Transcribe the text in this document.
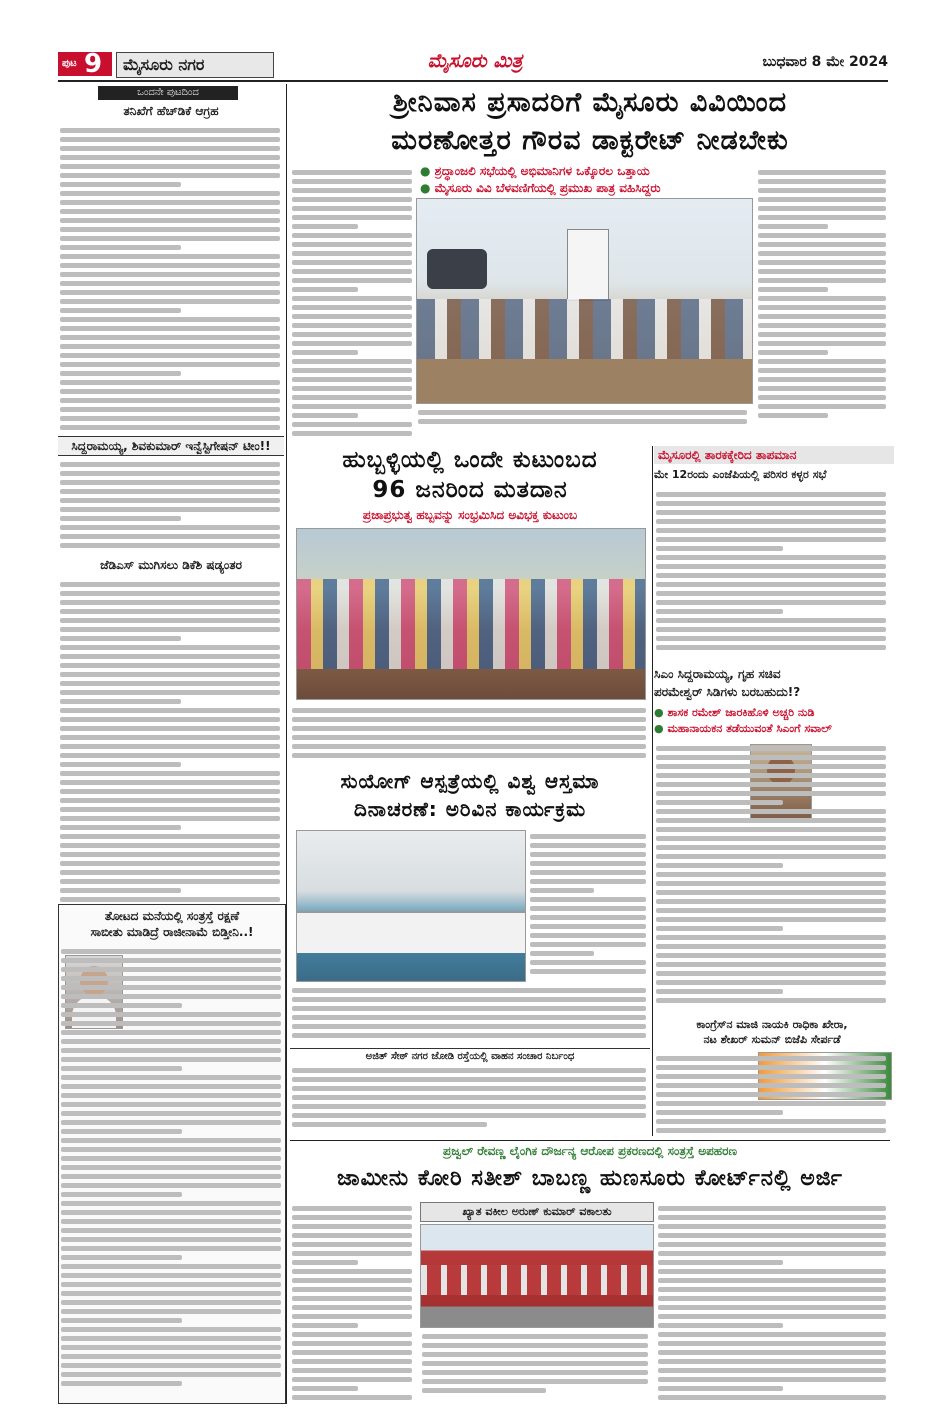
ಪುಟ 9	ಮೈಸೂರು ನಗರ	ಮೈಸೂರು ಮಿತ್ರ	ಬುಧವಾರ 8 ಮೇ 2024
ಒಂದನೇ ಪುಟದಿಂದ
ತನಿಖೆಗೆ ಹೆಚ್‌ಡಿಕೆ ಆಗ್ರಹ
ಸಿದ್ದರಾಮಯ್ಯ, ಶಿವಕುಮಾರ್ ಇನ್ವೆಸ್ಟಿಗೇಷನ್ ಟೀಂ!!
ಜೆಡಿಎಸ್ ಮುಗಿಸಲು ಡಿಕೆಶಿ ಷಡ್ಯಂತರ
ತೋಟದ ಮನೆಯಲ್ಲಿ ಸಂತ್ರಸ್ತೆ ರಕ್ಷಣೆ
ಸಾಬೀತು ಮಾಡಿದ್ರೆ ರಾಜೀನಾಮೆ ಬಿಡ್ತೀನಿ..!
ಶ್ರೀನಿವಾಸ ಪ್ರಸಾದರಿಗೆ ಮೈಸೂರು ವಿವಿಯಿಂದ
ಮರಣೋತ್ತರ ಗೌರವ ಡಾಕ್ಟರೇಟ್ ನೀಡಬೇಕು
● ಶ್ರದ್ಧಾಂಜಲಿ ಸಭೆಯಲ್ಲಿ ಅಭಿಮಾನಿಗಳ ಒಕ್ಕೊರಲ ಒತ್ತಾಯ
● ಮೈಸೂರು ವಿವಿ ಬೆಳವಣಿಗೆಯಲ್ಲಿ ಪ್ರಮುಖ ಪಾತ್ರ ವಹಿಸಿದ್ದರು
ಹುಬ್ಬಳ್ಳಿಯಲ್ಲಿ ಒಂದೇ ಕುಟುಂಬದ
96 ಜನರಿಂದ ಮತದಾನ
ಪ್ರಜಾಪ್ರಭುತ್ವ ಹಬ್ಬವನ್ನು ಸಂಭ್ರಮಿಸಿದ ಅವಿಭಕ್ತ ಕುಟುಂಬ
ಮೈಸೂರಲ್ಲಿ ತಾರಕಕ್ಕೇರಿದ ತಾಪಮಾನ
ಮೇ 12ರಂದು ಎಂಜೆಪಿಯಲ್ಲಿ ಪರಿಸರ ಕಳ್ಳರ ಸಭೆ
ಸಿಎಂ ಸಿದ್ದರಾಮಯ್ಯ, ಗೃಹ ಸಚಿವ
ಪರಮೇಶ್ವರ್ ಸಿಡಿಗಳು ಬರಬಹುದು!?
● ಶಾಸಕ ರಮೇಶ್ ಜಾರಕಿಹೊಳಿ ಅಚ್ಚರಿ ನುಡಿ
● ಮಹಾನಾಯಕನ ತಡೆಯುವಂತೆ ಸಿಎಂಗೆ ಸವಾಲ್
ಸುಯೋಗ್ ಆಸ್ಪತ್ರೆಯಲ್ಲಿ ವಿಶ್ವ ಆಸ್ತಮಾ
ದಿನಾಚರಣೆ: ಅರಿವಿನ ಕಾರ್ಯಕ್ರಮ
ಅಜಿತ್ ಸೇಠ್ ನಗರ ಜೋಡಿ ರಸ್ತೆಯಲ್ಲಿ ವಾಹನ ಸಂಚಾರ ನಿರ್ಬಂಧ
ಕಾಂಗ್ರೆಸ್‌ನ ಮಾಜಿ ನಾಯಕಿ ರಾಧಿಕಾ ಖೇರಾ,
ನಟ ಶೇಖರ್ ಸುಮನ್ ಬಿಜೆಪಿ ಸೇರ್ಪಡೆ
ಪ್ರಜ್ವಲ್ ರೇವಣ್ಣ ಲೈಂಗಿಕ ದೌರ್ಜನ್ಯ ಆರೋಪ ಪ್ರಕರಣದಲ್ಲಿ ಸಂತ್ರಸ್ತೆ ಅಪಹರಣ
ಜಾಮೀನು ಕೋರಿ ಸತೀಶ್ ಬಾಬಣ್ಣ ಹುಣಸೂರು ಕೋರ್ಟ್‌ನಲ್ಲಿ ಅರ್ಜಿ
ಖ್ಯಾತ ವಕೀಲ ಅರುಣ್ ಕುಮಾರ್ ವಕಾಲತು
